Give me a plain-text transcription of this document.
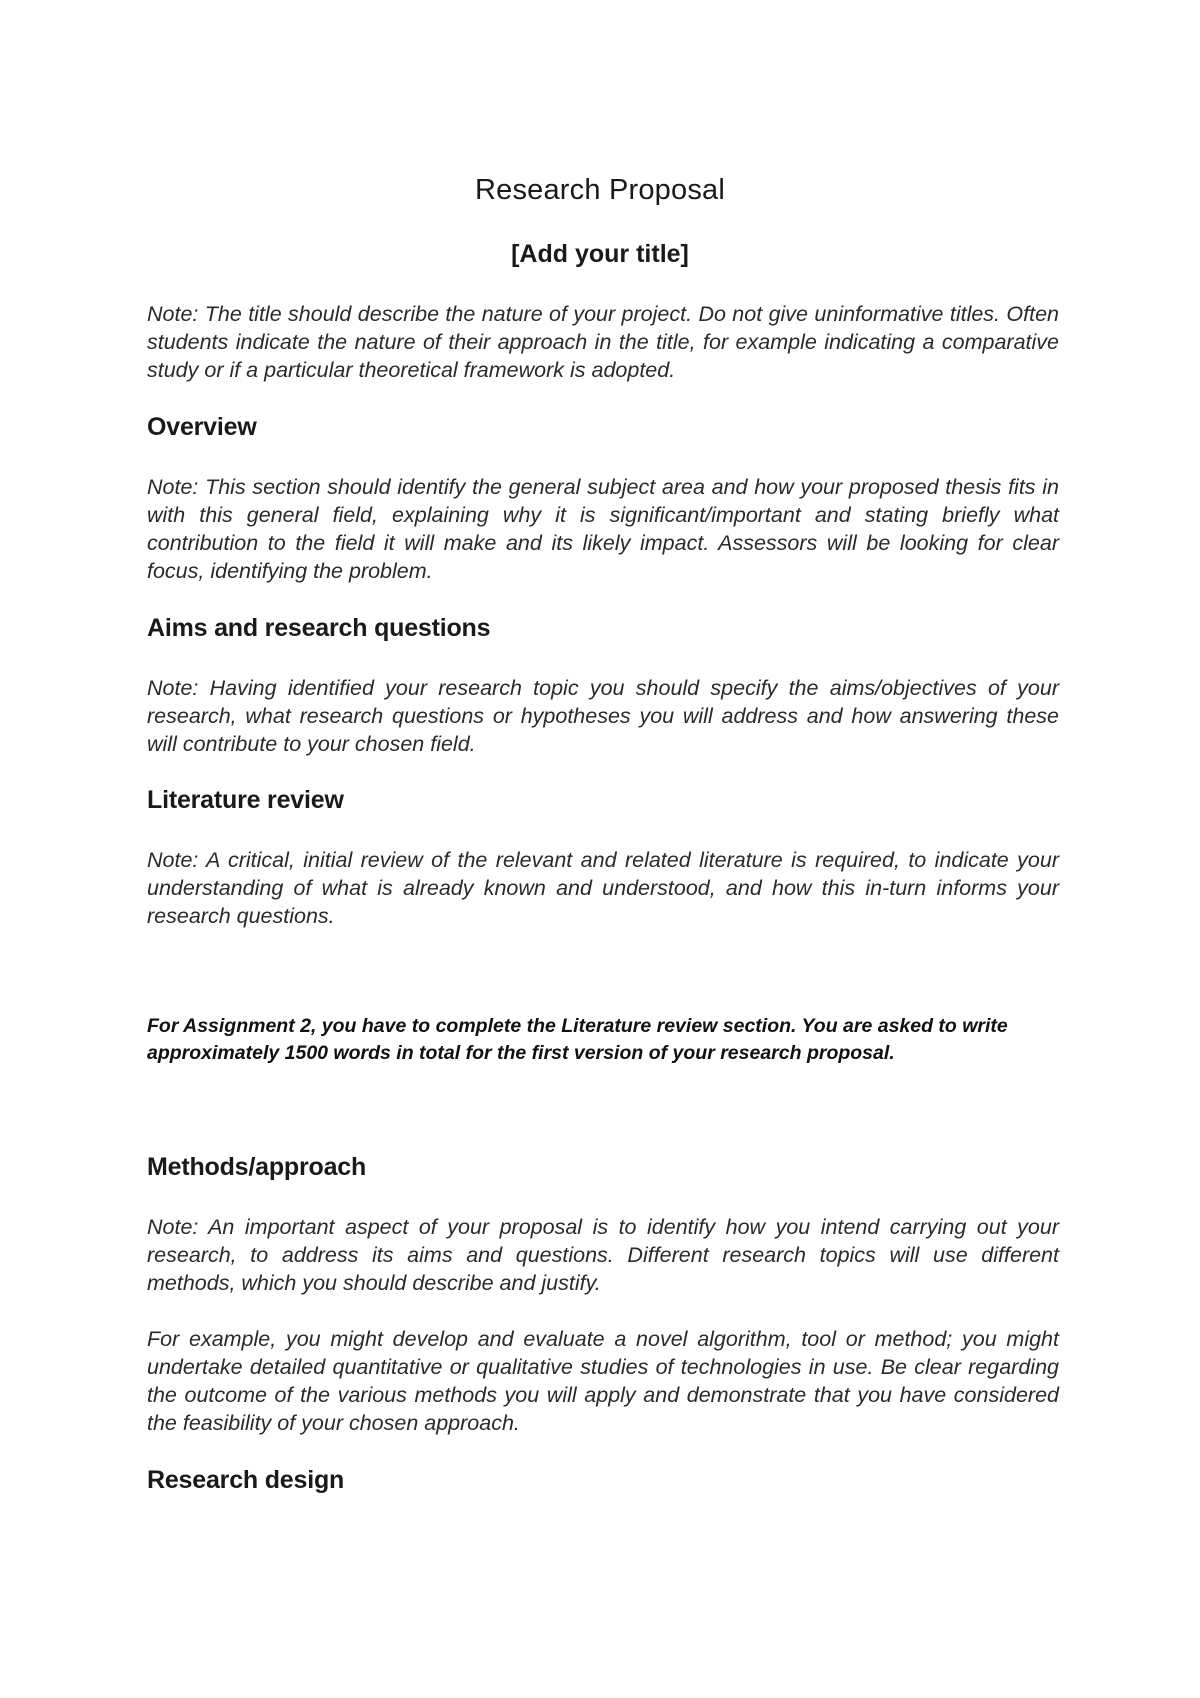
Research Proposal
[Add your title]

Note: The title should describe the nature of your project. Do not give uninformative titles. Often students indicate the nature of their approach in the title, for example indicating a comparative study or if a particular theoretical framework is adopted.

Overview

Note: This section should identify the general subject area and how your proposed thesis fits in with this general field, explaining why it is significant/important and stating briefly what contribution to the field it will make and its likely impact. Assessors will be looking for clear focus, identifying the problem.

Aims and research questions

Note: Having identified your research topic you should specify the aims/objectives of your research, what research questions or hypotheses you will address and how answering these will contribute to your chosen field.

Literature review

Note: A critical, initial review of the relevant and related literature is required, to indicate your understanding of what is already known and understood, and how this in-turn informs your research questions.

For Assignment 2, you have to complete the Literature review section. You are asked to write approximately 1500 words in total for the first version of your research proposal.

Methods/approach

Note: An important aspect of your proposal is to identify how you intend carrying out your research, to address its aims and questions. Different research topics will use different methods, which you should describe and justify.

For example, you might develop and evaluate a novel algorithm, tool or method; you might undertake detailed quantitative or qualitative studies of technologies in use. Be clear regarding the outcome of the various methods you will apply and demonstrate that you have considered the feasibility of your chosen approach.

Research design
